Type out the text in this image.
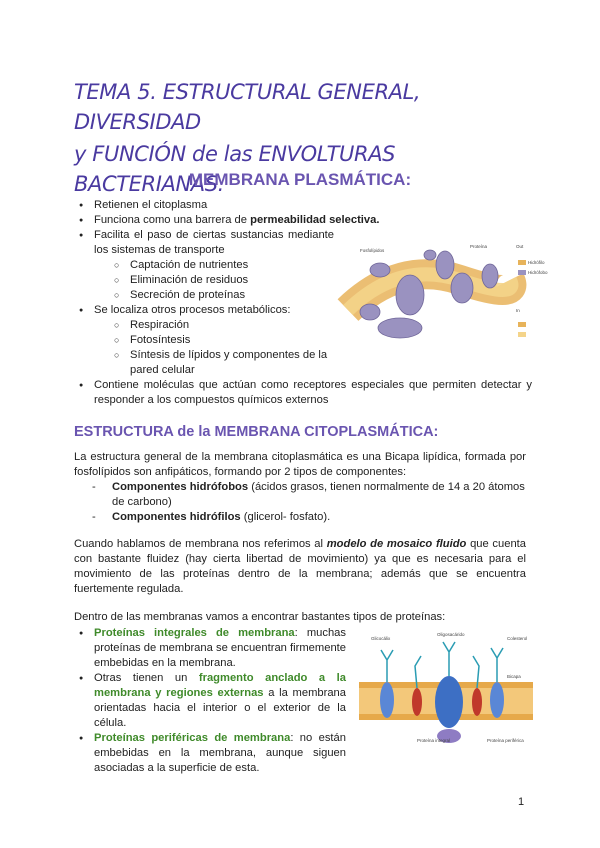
TEMA 5. ESTRUCTURAL GENERAL, DIVERSIDAD
y FUNCIÓN de las ENVOLTURAS BACTERIANAS.
MEMBRANA PLASMÁTICA:
● Retienen el citoplasma
● Funciona como una barrera de permeabilidad selectiva.
● Facilita el paso de ciertas sustancias mediante los sistemas de transporte
○ Captación de nutrientes
○ Eliminación de residuos
○ Secreción de proteínas
● Se localiza otros procesos metabólicos:
○ Respiración
○ Fotosíntesis
○ Síntesis de lípidos y componentes de la pared celular
● Contiene moléculas que actúan como receptores especiales que permiten detectar y responder a los compuestos químicos externos
Fosfolípidos
Proteína
In
Out
Hidrófilo
Hidrófobo
ESTRUCTURA de la MEMBRANA CITOPLASMÁTICA:
La estructura general de la membrana citoplasmática es una Bicapa lipídica, formada por fosfolípidos son anfipáticos, formando por 2 tipos de componentes:
- Componentes hidrófobos (ácidos grasos, tienen normalmente de 14 a 20 átomos de carbono)
- Componentes hidrófilos (glicerol- fosfato).
Cuando hablamos de membrana nos referimos al modelo de mosaico fluido que cuenta con bastante fluidez (hay cierta libertad de movimiento) ya que es necesaria para el movimiento de las proteínas dentro de la membrana; además que se encuentra fuertemente regulada.
Dentro de las membranas vamos a encontrar bastantes tipos de proteínas:
● Proteínas integrales de membrana: muchas proteínas de membrana se encuentran firmemente embebidas en la membrana.
● Otras tienen un fragmento anclado a la membrana y regiones externas a la membrana orientadas hacia el interior o el exterior de la célula.
● Proteínas periféricas de membrana: no están embebidas en la membrana, aunque siguen asociadas a la superficie de esta.
Glicocálix
Oligosacárido
Proteína integral	Proteína periférica
Colesterol
Bicapa
1
